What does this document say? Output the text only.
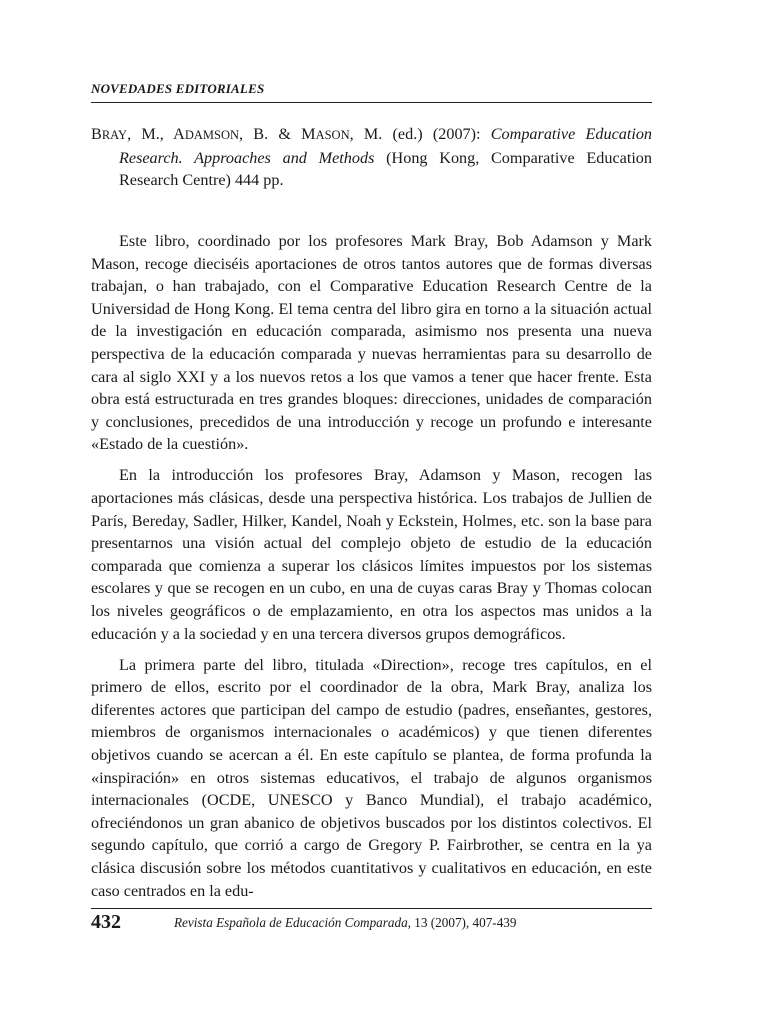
NOVEDADES EDITORIALES
BRAY, M., ADAMSON, B. & MASON, M. (ed.) (2007): Comparative Education Research. Approaches and Methods (Hong Kong, Comparative Education Research Centre) 444 pp.

Este libro, coordinado por los profesores Mark Bray, Bob Adamson y Mark Mason, recoge dieciséis aportaciones de otros tantos autores que de formas diversas trabajan, o han trabajado, con el Comparative Education Research Centre de la Universidad de Hong Kong. El tema centra del libro gira en torno a la situación actual de la investigación en educación comparada, asimismo nos presenta una nueva perspectiva de la educación comparada y nuevas herramientas para su desarrollo de cara al siglo XXI y a los nuevos retos a los que vamos a tener que hacer frente. Esta obra está estructurada en tres grandes bloques: direcciones, unidades de comparación y conclusiones, precedidos de una introducción y recoge un profundo e interesante «Estado de la cuestión».

En la introducción los profesores Bray, Adamson y Mason, recogen las aportaciones más clásicas, desde una perspectiva histórica. Los trabajos de Jullien de París, Bereday, Sadler, Hilker, Kandel, Noah y Eckstein, Holmes, etc. son la base para presentarnos una visión actual del complejo objeto de estudio de la educación comparada que comienza a superar los clásicos límites impuestos por los sistemas escolares y que se recogen en un cubo, en una de cuyas caras Bray y Thomas colocan los niveles geográficos o de emplazamiento, en otra los aspectos mas unidos a la educación y a la sociedad y en una tercera diversos grupos demográficos.

La primera parte del libro, titulada «Direction», recoge tres capítulos, en el primero de ellos, escrito por el coordinador de la obra, Mark Bray, analiza los diferentes actores que participan del campo de estudio (padres, enseñantes, gestores, miembros de organismos internacionales o académicos) y que tienen diferentes objetivos cuando se acercan a él. En este capítulo se plantea, de forma profunda la «inspiración» en otros sistemas educativos, el trabajo de algunos organismos internacionales (OCDE, UNESCO y Banco Mundial), el trabajo académico, ofreciéndonos un gran abanico de objetivos buscados por los distintos colectivos. El segundo capítulo, que corrió a cargo de Gregory P. Fairbrother, se centra en la ya clásica discusión sobre los métodos cuantitativos y cualitativos en educación, en este caso centrados en la edu-

432	Revista Española de Educación Comparada, 13 (2007), 407-439
